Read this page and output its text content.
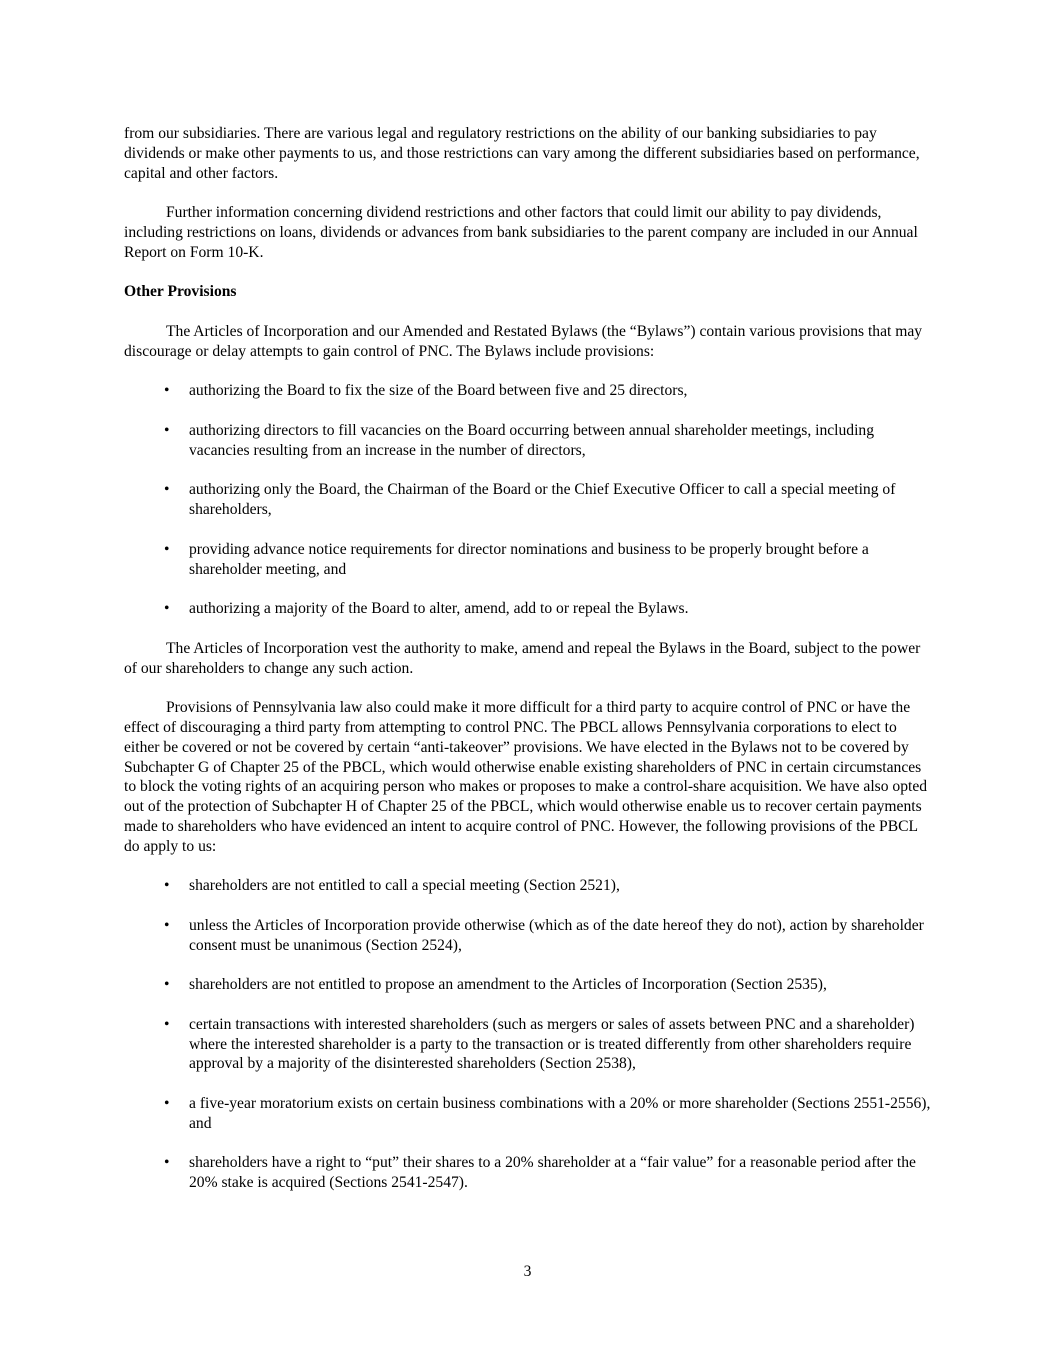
from our subsidiaries. There are various legal and regulatory restrictions on the ability of our banking subsidiaries to pay dividends or make other payments to us, and those restrictions can vary among the different subsidiaries based on performance, capital and other factors.

Further information concerning dividend restrictions and other factors that could limit our ability to pay dividends, including restrictions on loans, dividends or advances from bank subsidiaries to the parent company are included in our Annual Report on Form 10-K.

Other Provisions

The Articles of Incorporation and our Amended and Restated Bylaws (the “Bylaws”) contain various provisions that may discourage or delay attempts to gain control of PNC. The Bylaws include provisions:

• authorizing the Board to fix the size of the Board between five and 25 directors,
• authorizing directors to fill vacancies on the Board occurring between annual shareholder meetings, including vacancies resulting from an increase in the number of directors,
• authorizing only the Board, the Chairman of the Board or the Chief Executive Officer to call a special meeting of shareholders,
• providing advance notice requirements for director nominations and business to be properly brought before a shareholder meeting, and
• authorizing a majority of the Board to alter, amend, add to or repeal the Bylaws.

The Articles of Incorporation vest the authority to make, amend and repeal the Bylaws in the Board, subject to the power of our shareholders to change any such action.

Provisions of Pennsylvania law also could make it more difficult for a third party to acquire control of PNC or have the effect of discouraging a third party from attempting to control PNC. The PBCL allows Pennsylvania corporations to elect to either be covered or not be covered by certain “anti-takeover” provisions. We have elected in the Bylaws not to be covered by Subchapter G of Chapter 25 of the PBCL, which would otherwise enable existing shareholders of PNC in certain circumstances to block the voting rights of an acquiring person who makes or proposes to make a control-share acquisition. We have also opted out of the protection of Subchapter H of Chapter 25 of the PBCL, which would otherwise enable us to recover certain payments made to shareholders who have evidenced an intent to acquire control of PNC. However, the following provisions of the PBCL do apply to us:

• shareholders are not entitled to call a special meeting (Section 2521),
• unless the Articles of Incorporation provide otherwise (which as of the date hereof they do not), action by shareholder consent must be unanimous (Section 2524),
• shareholders are not entitled to propose an amendment to the Articles of Incorporation (Section 2535),
• certain transactions with interested shareholders (such as mergers or sales of assets between PNC and a shareholder) where the interested shareholder is a party to the transaction or is treated differently from other shareholders require approval by a majority of the disinterested shareholders (Section 2538),
• a five-year moratorium exists on certain business combinations with a 20% or more shareholder (Sections 2551-2556), and
• shareholders have a right to “put” their shares to a 20% shareholder at a “fair value” for a reasonable period after the 20% stake is acquired (Sections 2541-2547).
3
